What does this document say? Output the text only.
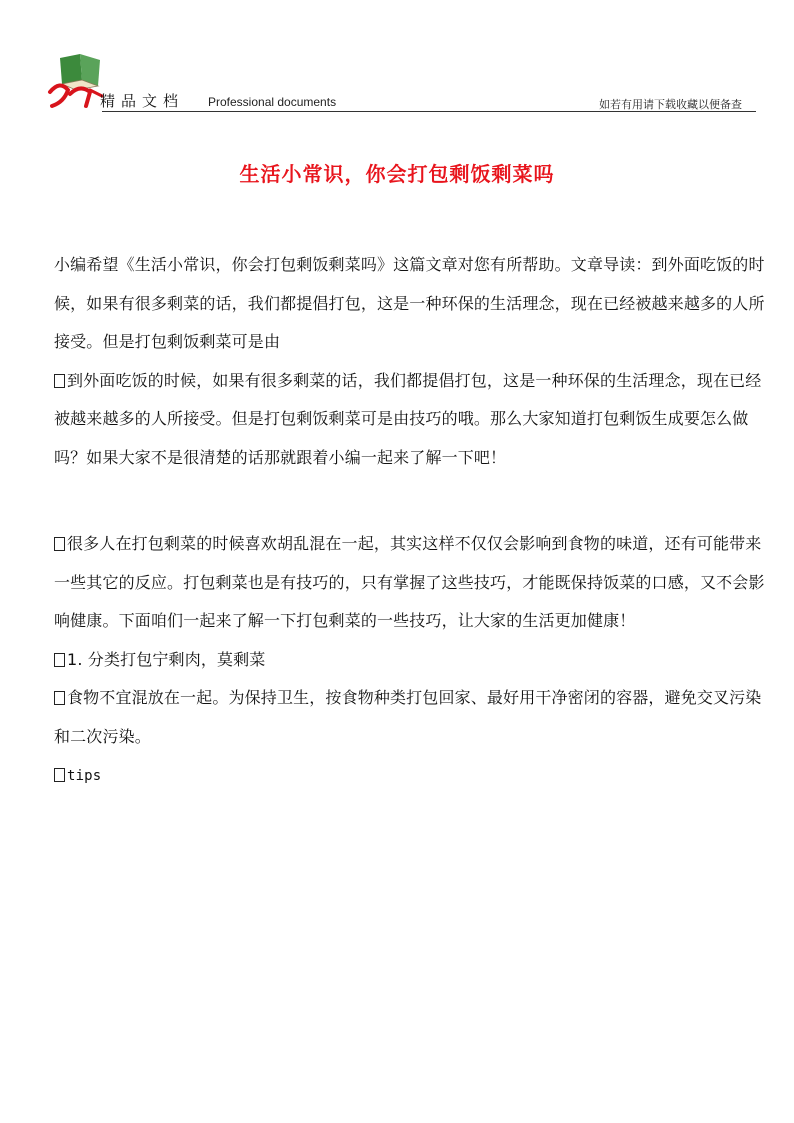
精品文档 Professional documents	如若有用请下载收藏以便备查
生活小常识，你会打包剩饭剩菜吗

小编希望《生活小常识，你会打包剩饭剩菜吗》这篇文章对您有所帮助。文章导读：到外面吃饭的时候，如果有很多剩菜的话，我们都提倡打包，这是一种环保的生活理念，现在已经被越来越多的人所接受。但是打包剩饭剩菜可是由

到外面吃饭的时候，如果有很多剩菜的话，我们都提倡打包，这是一种环保的生活理念，现在已经被越来越多的人所接受。但是打包剩饭剩菜可是由技巧的哦。那么大家知道打包剩饭生成要怎么做吗？如果大家不是很清楚的话那就跟着小编一起来了解一下吧！

很多人在打包剩菜的时候喜欢胡乱混在一起，其实这样不仅仅会影响到食物的味道，还有可能带来一些其它的反应。打包剩菜也是有技巧的，只有掌握了这些技巧，才能既保持饭菜的口感，又不会影响健康。下面咱们一起来了解一下打包剩菜的一些技巧，让大家的生活更加健康！

1. 分类打包宁剩肉，莫剩菜

食物不宜混放在一起。为保持卫生，按食物种类打包回家、最好用干净密闭的容器，避免交叉污染和二次污染。

tips
